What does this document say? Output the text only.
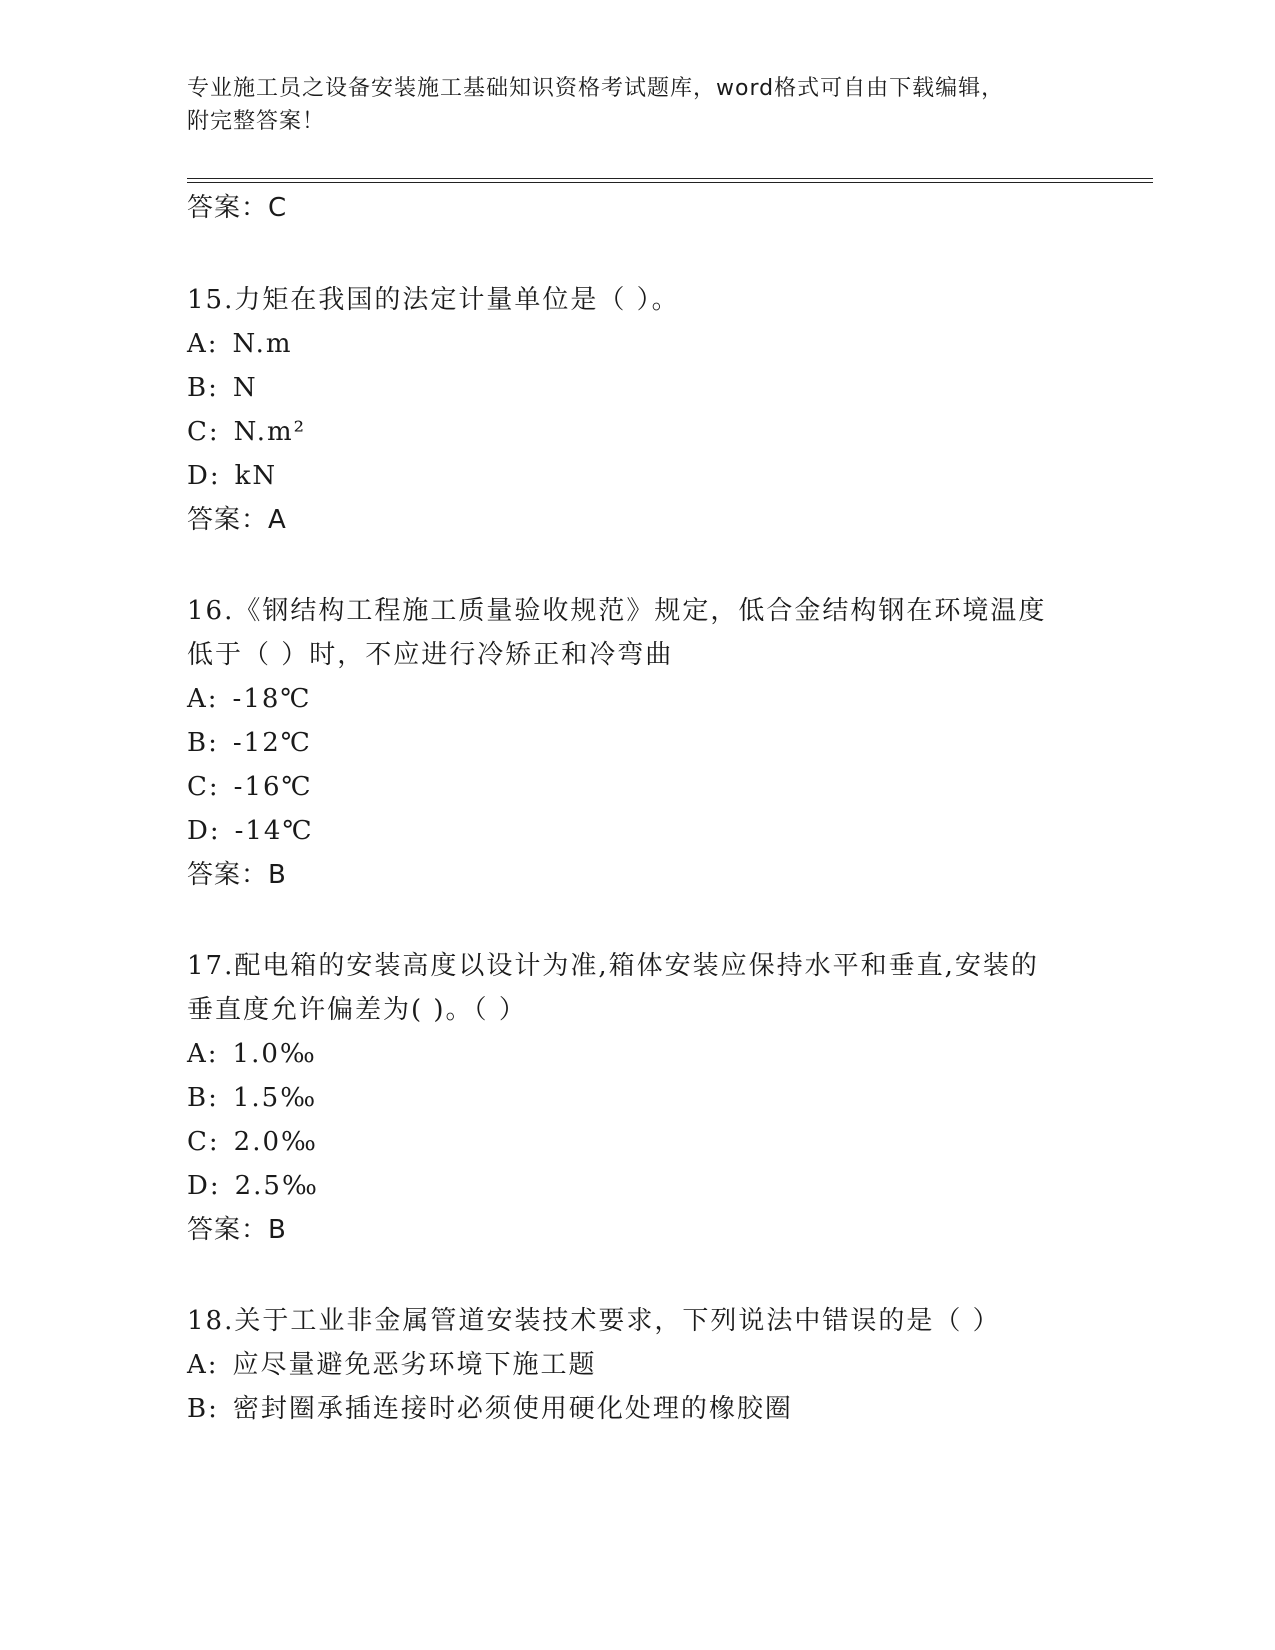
专业施工员之设备安装施工基础知识资格考试题库，word格式可自由下载编辑，
附完整答案！
答案：C
15.力矩在我国的法定计量单位是（ ）。
A: N.m
B: N
C: N.m²
D: kN
答案：A
16.《钢结构工程施工质量验收规范》规定，低合金结构钢在环境温度
低于（ ）时，不应进行冷矫正和冷弯曲
A: -18℃
B: -12℃
C: -16℃
D: -14℃
答案：B
17.配电箱的安装高度以设计为准,箱体安装应保持水平和垂直,安装的
垂直度允许偏差为( )。（ ）
A: 1.0‰
B: 1.5‰
C: 2.0‰
D: 2.5‰
答案：B
18.关于工业非金属管道安装技术要求，下列说法中错误的是（ ）
A: 应尽量避免恶劣环境下施工题
B: 密封圈承插连接时必须使用硬化处理的橡胶圈
